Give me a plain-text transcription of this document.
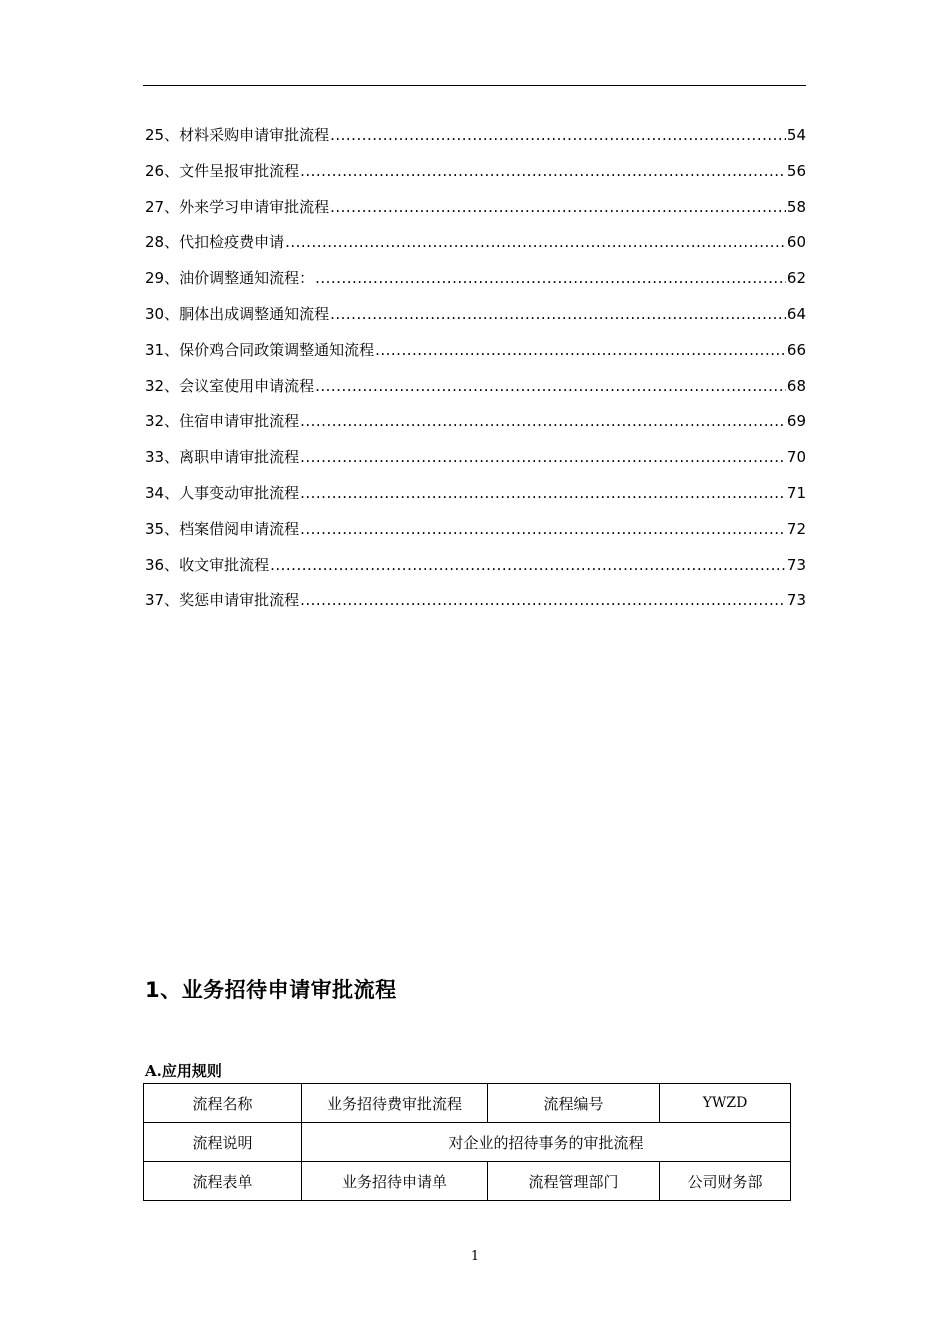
25、材料采购申请审批流程 .....	54
26、文件呈报审批流程 .....	56
27、外来学习申请审批流程 .....	58
28、代扣检疫费申请 .....	60
29、油价调整通知流程： .....	62
30、胴体出成调整通知流程 .....	64
31、保价鸡合同政策调整通知流程 .....	66
32、会议室使用申请流程 .....	68
32、住宿申请审批流程 .....	69
33、离职申请审批流程 .....	70
34、人事变动审批流程 .....	71
35、档案借阅申请流程 .....	72
36、收文审批流程 .....	73
37、奖惩申请审批流程 .....	73
1、业务招待申请审批流程
A.应用规则
流程名称	业务招待费审批流程	流程编号	YWZD
流程说明	对企业的招待事务的审批流程		
流程表单	业务招待申请单	流程管理部门	公司财务部
1
